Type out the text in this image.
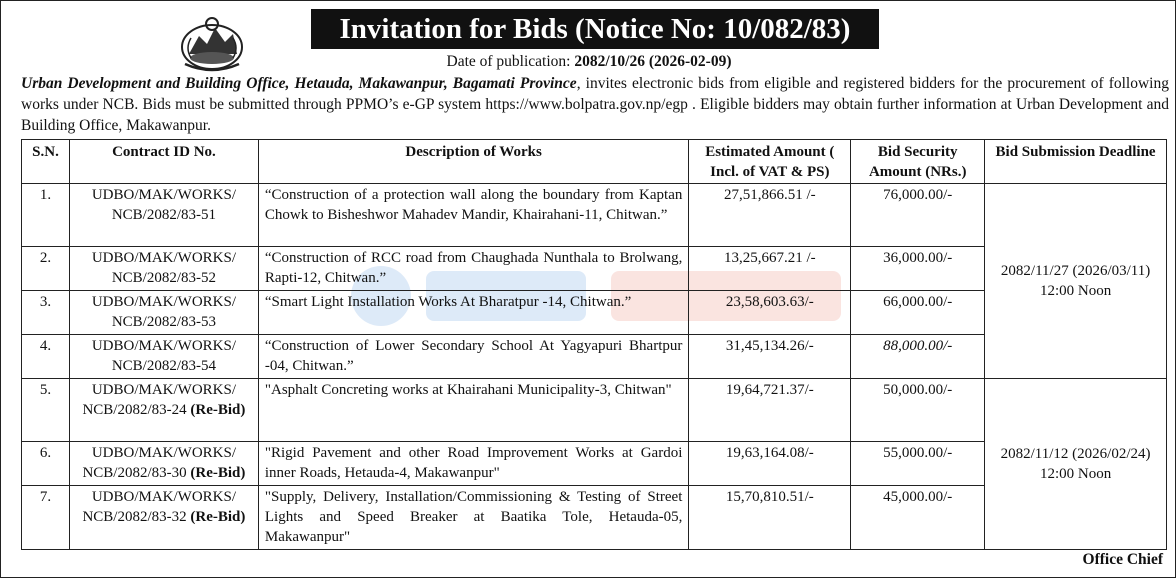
Invitation for Bids (Notice No: 10/082/83)
Date of publication: 2082/10/26 (2026-02-09)
Urban Development and Building Office, Hetauda, Makawanpur, Bagamati Province, invites electronic bids from eligible and registered bidders for the procurement of following works under NCB. Bids must be submitted through PPMO’s e-GP system https://www.bolpatra.gov.np/egp . Eligible bidders may obtain further information at Urban Development and Building Office, Makawanpur.
S.N.	Contract ID No.	Description of Works	Estimated Amount ( Incl. of VAT & PS)	Bid Security Amount (NRs.)	Bid Submission Deadline
1.	UDBO/MAK/WORKS/ NCB/2082/83-51	“Construction of a protection wall along the boundary from Kaptan Chowk to Bisheshwor Mahadev Mandir, Khairahani-11, Chitwan.”	27,51,866.51 /-	76,000.00/-	2082/11/27 (2026/03/11) 12:00 Noon
2.	UDBO/MAK/WORKS/ NCB/2082/83-52	“Construction of RCC road from Chaughada Nunthala to Brolwang, Rapti-12, Chitwan.”	13,25,667.21 /-	36,000.00/-	
3.	UDBO/MAK/WORKS/ NCB/2082/83-53	“Smart Light Installation Works At Bharatpur -14, Chitwan.”	23,58,603.63/-	66,000.00/-	
4.	UDBO/MAK/WORKS/ NCB/2082/83-54	“Construction of Lower Secondary School At Yagyapuri Bhartpur -04, Chitwan.”	31,45,134.26/-	88,000.00/-	
5.	UDBO/MAK/WORKS/ NCB/2082/83-24 (Re-Bid)	"Asphalt Concreting works at Khairahani Municipality-3, Chitwan"	19,64,721.37/-	50,000.00/-	2082/11/12 (2026/02/24) 12:00 Noon
6.	UDBO/MAK/WORKS/ NCB/2082/83-30 (Re-Bid)	"Rigid Pavement and other Road Improvement Works at Gardoi inner Roads, Hetauda-4, Makawanpur"	19,63,164.08/-	55,000.00/-	
7.	UDBO/MAK/WORKS/ NCB/2082/83-32 (Re-Bid)	"Supply, Delivery, Installation/Commissioning & Testing of Street Lights and Speed Breaker at Baatika Tole, Hetauda-05, Makawanpur"	15,70,810.51/-	45,000.00/-	
Office Chief
